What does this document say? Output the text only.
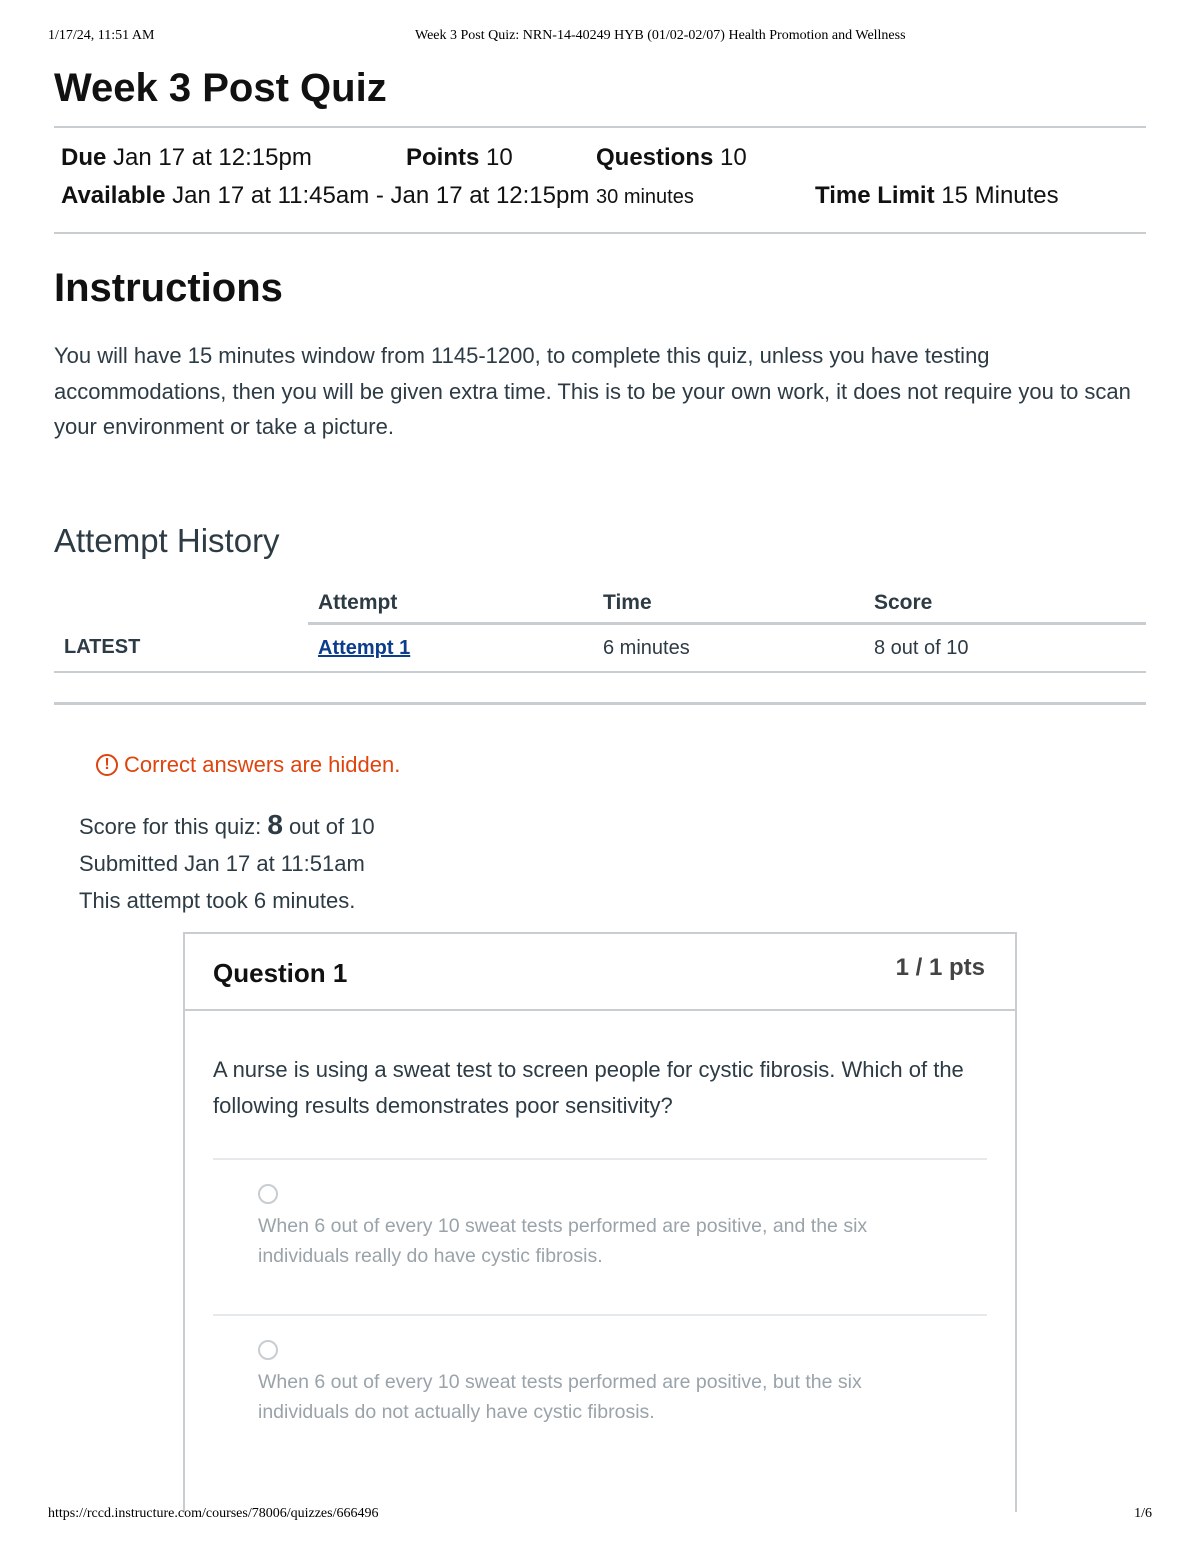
1/17/24, 11:51 AM	Week 3 Post Quiz: NRN-14-40249 HYB (01/02-02/07) Health Promotion and Wellness
Week 3 Post Quiz
Due Jan 17 at 12:15pm	Points 10	Questions 10
Available Jan 17 at 11:45am - Jan 17 at 12:15pm 30 minutes	Time Limit 15 Minutes
Instructions

You will have 15 minutes window from 1145-1200, to complete this quiz, unless you have testing accommodations, then you will be given extra time. This is to be your own work, it does not require you to scan your environment or take a picture.

Attempt History
	Attempt	Time	Score
LATEST	Attempt 1	6 minutes	8 out of 10
! Correct answers are hidden.
Score for this quiz: 8 out of 10
Submitted Jan 17 at 11:51am
This attempt took 6 minutes.
Question 1	1 / 1 pts
A nurse is using a sweat test to screen people for cystic fibrosis. Which of the following results demonstrates poor sensitivity?
When 6 out of every 10 sweat tests performed are positive, and the six individuals really do have cystic fibrosis.
When 6 out of every 10 sweat tests performed are positive, but the six individuals do not actually have cystic fibrosis.
https://rccd.instructure.com/courses/78006/quizzes/666496	1/6
